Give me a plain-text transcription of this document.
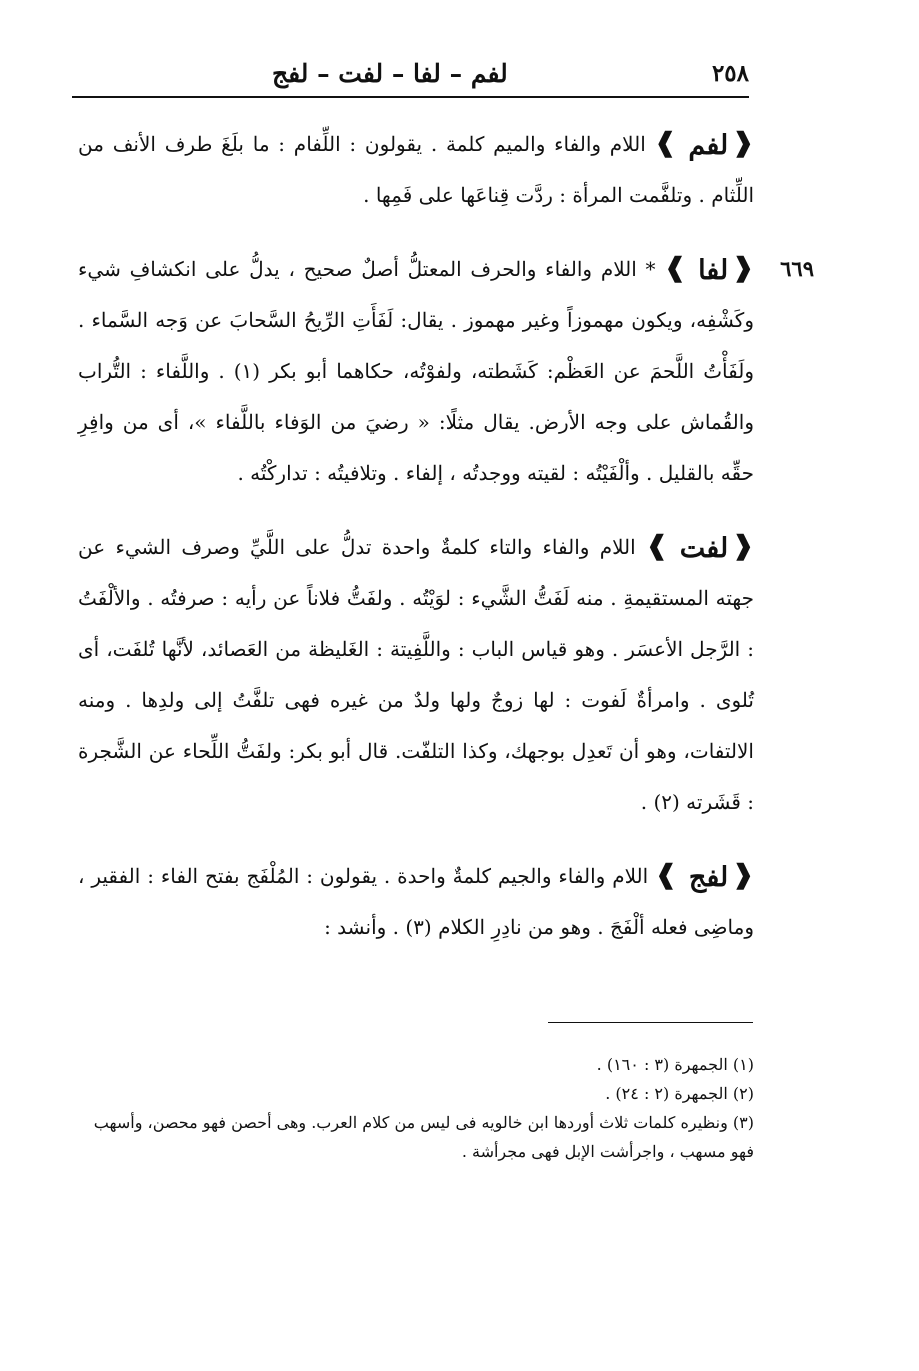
٢٥٨
لفم – لفا – لفت – لفج

❰لفم❱ اللام والفاء والميم كلمة . يقولون : اللِّفام : ما بلَغَ طرف الأنف من اللِّثام . وتلفَّمت المرأة : ردَّت قِناعَها على فَمِها .

٦٦٩

❰لفا❱ * اللام والفاء والحرف المعتلُّ أصلٌ صحيح ، يدلُّ على انكشافِ شيء وكَشْفِه، ويكون مهموزاً وغير مهموز . يقال: لَفَأَتِ الرِّيحُ السَّحابَ عن وَجه السَّماء . ولَفَأْتُ اللَّحمَ عن العَظْم: كَشَطته، ولفوْتُه، حكاهما أبو بكر (١) . واللَّفاء : التُّراب والقُماش على وجه الأرض. يقال مثلًا: « رضيَ من الوَفاء باللَّفاء »، أى من وافِرِ حقِّه بالقليل . وألْفَيْتُه : لقيته ووجدتُه ، إلفاء . وتلافيتُه : تداركْتُه .

❰لفت❱ اللام والفاء والتاء كلمةٌ واحدة تدلُّ على اللَّيِّ وصرف الشيء عن جهته المستقيمةِ . منه لَفَتُّ الشَّيء : لوَيْتُه . ولفَتُّ فلاناً عن رأيه : صرفتُه . والألْفَتُ : الرَّجل الأعسَر . وهو قياس الباب : واللَّفِيتة : الغَليظة من العَصائد، لأنَّها تُلفَت، أى تُلوى . وامرأةٌ لَفوت : لها زوجٌ ولها ولدٌ من غيره فهى تلفَّتُ إلى ولدِها . ومنه الالتفات، وهو أن تَعدِل بوجهك، وكذا التلفّت. قال أبو بكر: ولفَتُّ اللِّحاء عن الشَّجرة : قَشَرته (٢) .

❰لفج❱ اللام والفاء والجيم كلمةٌ واحدة . يقولون : المُلْفَج بفتح الفاء : الفقير ، وماضِى فعله ألْفَجَ . وهو من نادِرِ الكلام (٣) . وأنشد :

(١) الجمهرة (٣ : ١٦٠) .

(٢) الجمهرة (٢ : ٢٤) .

(٣) ونظيره كلمات ثلاث أوردها ابن خالويه فى ليس من كلام العرب. وهى أحصن فهو محصن، وأسهب فهو مسهب ، واجرأشت الإبل فهى مجرأشة .
